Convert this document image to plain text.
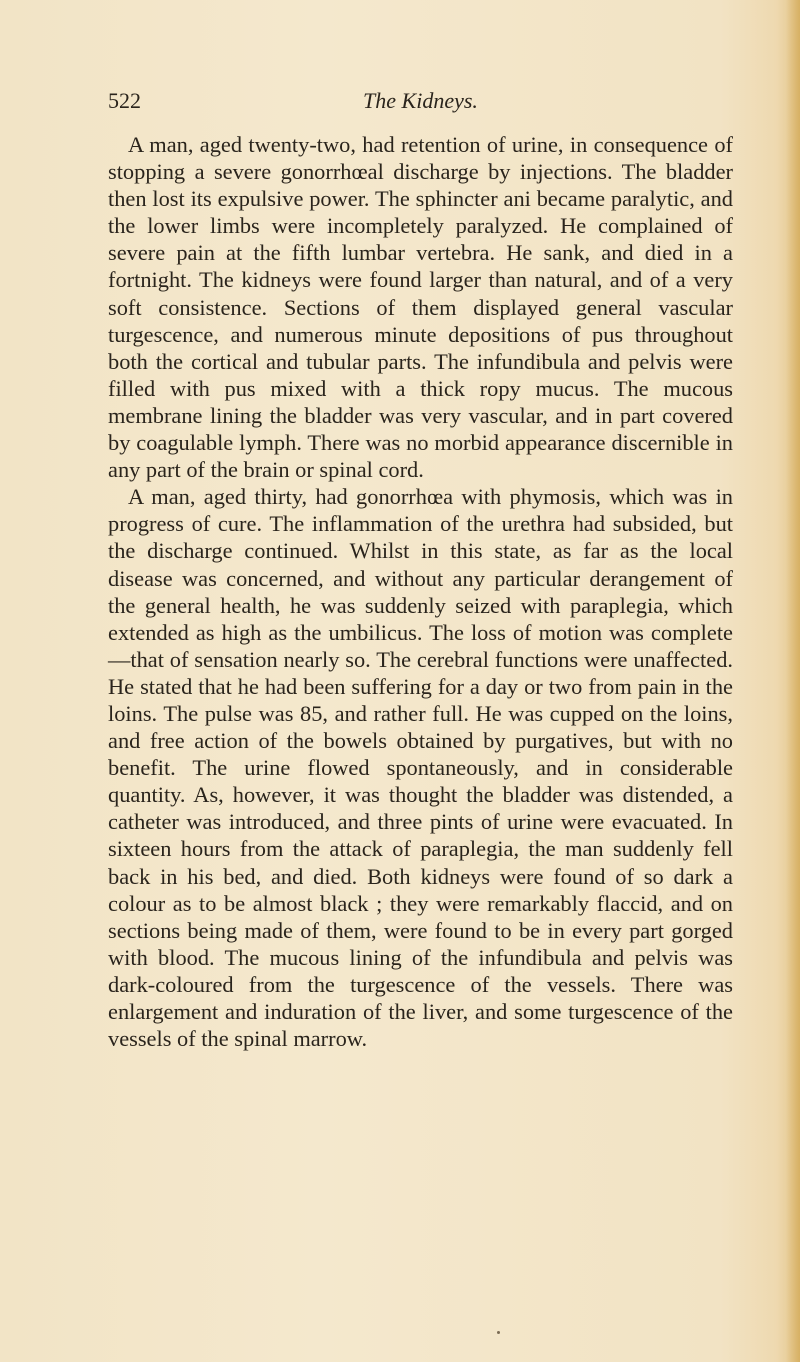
522	The Kidneys.

A man, aged twenty-two, had retention of urine, in consequence of stopping a severe gonorrhœal discharge by injections. The bladder then lost its expulsive power. The sphincter ani became paralytic, and the lower limbs were incompletely paralyzed. He complained of severe pain at the fifth lumbar vertebra. He sank, and died in a fortnight. The kidneys were found larger than natural, and of a very soft consistence. Sections of them displayed general vascular turgescence, and numerous minute depositions of pus throughout both the cortical and tubular parts. The infundibula and pelvis were filled with pus mixed with a thick ropy mucus. The mucous membrane lining the bladder was very vascular, and in part covered by coagulable lymph. There was no morbid appearance discernible in any part of the brain or spinal cord.

A man, aged thirty, had gonorrhœa with phymosis, which was in progress of cure. The inflammation of the urethra had subsided, but the discharge continued. Whilst in this state, as far as the local disease was concerned, and without any particular derangement of the general health, he was suddenly seized with paraplegia, which extended as high as the umbilicus. The loss of motion was complete—that of sensation nearly so. The cerebral functions were unaffected. He stated that he had been suffering for a day or two from pain in the loins. The pulse was 85, and rather full. He was cupped on the loins, and free action of the bowels obtained by purgatives, but with no benefit. The urine flowed spontaneously, and in considerable quantity. As, however, it was thought the bladder was distended, a catheter was introduced, and three pints of urine were evacuated. In sixteen hours from the attack of paraplegia, the man suddenly fell back in his bed, and died. Both kidneys were found of so dark a colour as to be almost black ; they were remarkably flaccid, and on sections being made of them, were found to be in every part gorged with blood. The mucous lining of the infundibula and pelvis was dark-coloured from the turgescence of the vessels. There was enlargement and induration of the liver, and some turgescence of the vessels of the spinal marrow.
